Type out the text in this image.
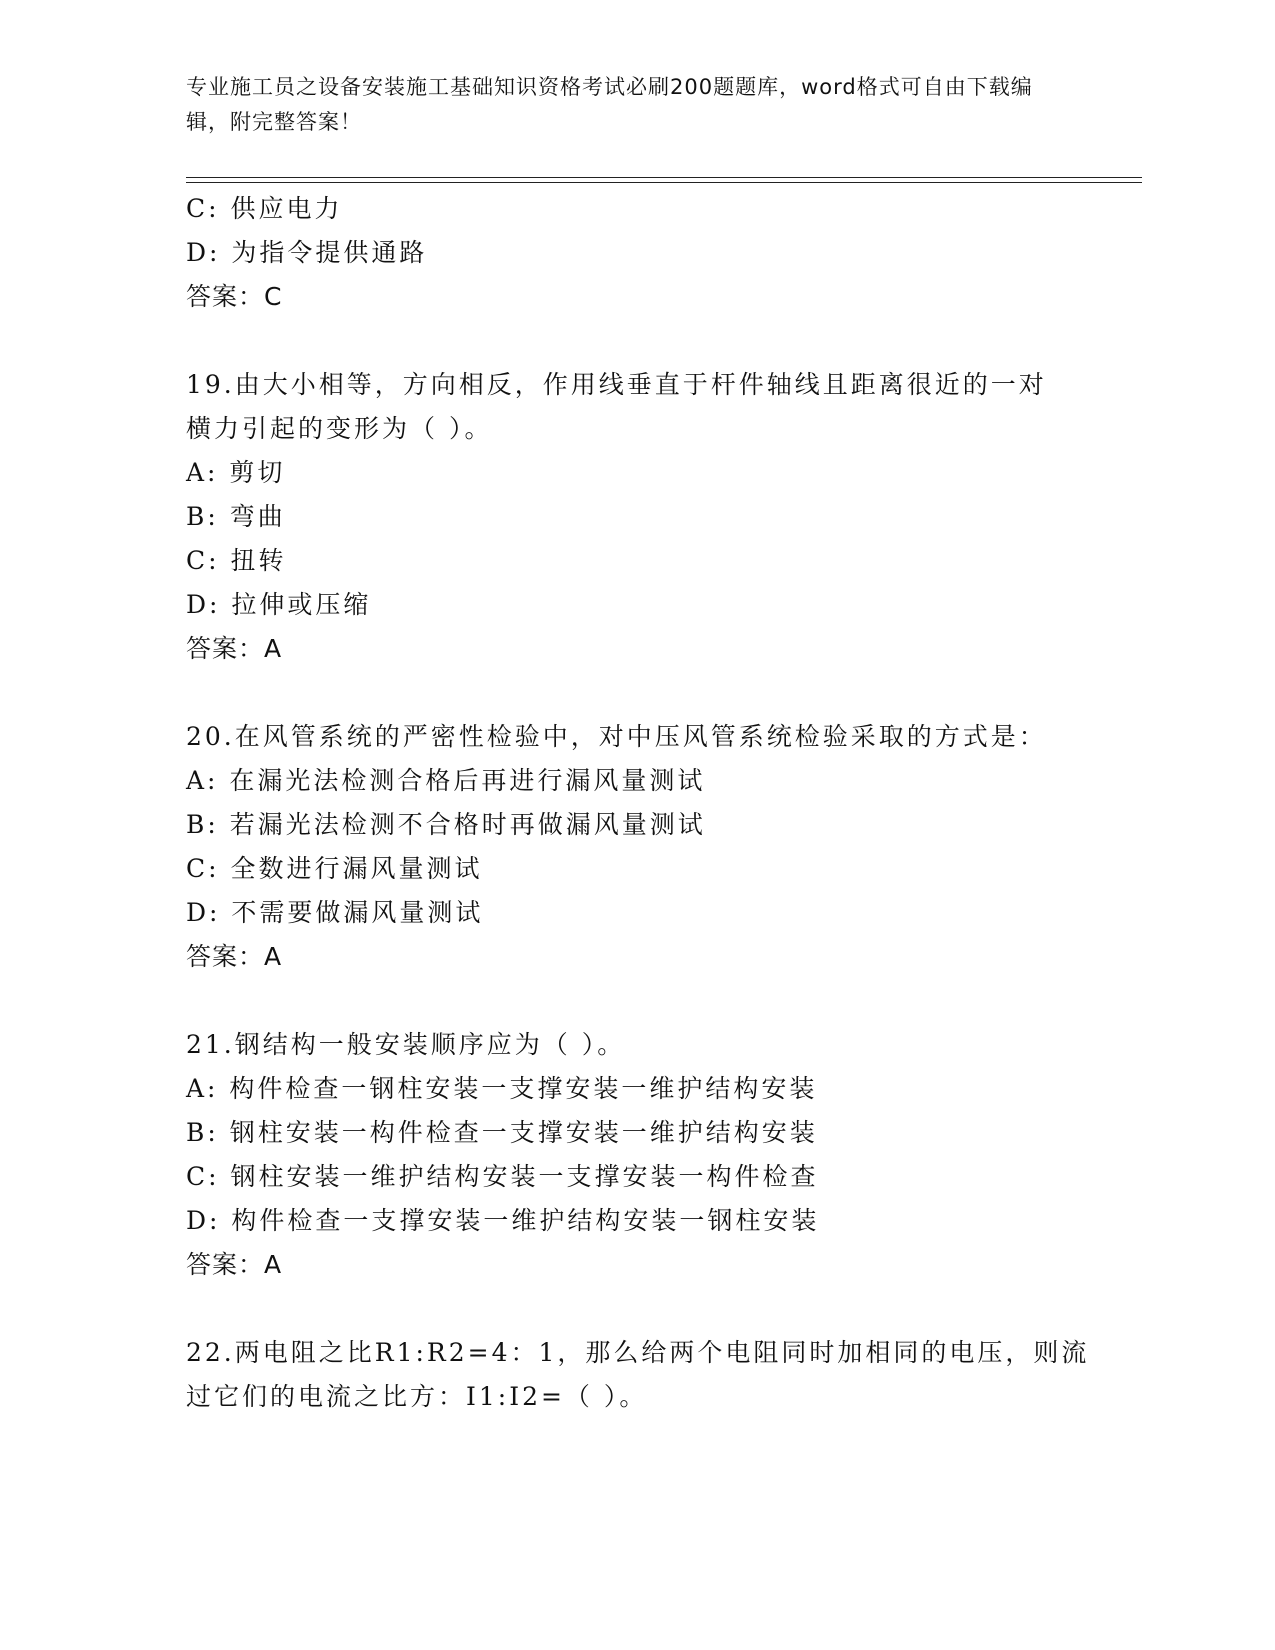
专业施工员之设备安装施工基础知识资格考试必刷200题题库，word格式可自由下载编辑，附完整答案！
C: 供应电力
D: 为指令提供通路
答案：C
19.由大小相等，方向相反，作用线垂直于杆件轴线且距离很近的一对
横力引起的变形为（ ）。
A: 剪切
B: 弯曲
C: 扭转
D: 拉伸或压缩
答案：A
20.在风管系统的严密性检验中，对中压风管系统检验采取的方式是：
A: 在漏光法检测合格后再进行漏风量测试
B: 若漏光法检测不合格时再做漏风量测试
C: 全数进行漏风量测试
D: 不需要做漏风量测试
答案：A
21.钢结构一般安装顺序应为（ ）。
A: 构件检查一钢柱安装一支撑安装一维护结构安装
B: 钢柱安装一构件检查一支撑安装一维护结构安装
C: 钢柱安装一维护结构安装一支撑安装一构件检查
D: 构件检查一支撑安装一维护结构安装一钢柱安装
答案：A
22.两电阻之比R1:R2=4：1，那么给两个电阻同时加相同的电压，则流
过它们的电流之比方：I1:I2=（ ）。
